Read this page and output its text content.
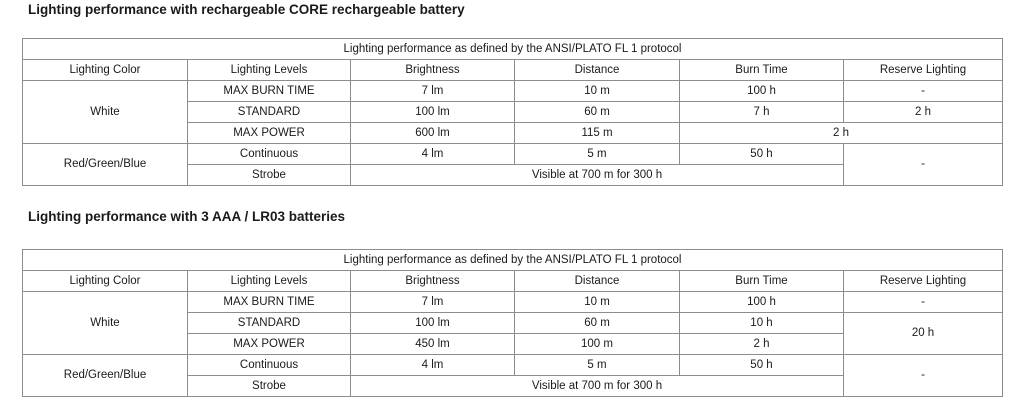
Lighting performance with rechargeable CORE rechargeable battery
Lighting performance as defined by the ANSI/PLATO FL 1 protocol					
Lighting Color	Lighting Levels	Brightness	Distance	Burn Time	Reserve Lighting
White	MAX BURN TIME	7 lm	10 m	100 h	-
	STANDARD	100 lm	60 m	7 h	2 h
	MAX POWER	600 lm	115 m	2 h	
Red/Green/Blue	Continuous	4 lm	5 m	50 h	-
	Strobe	Visible at 700 m for 300 h			
Lighting performance with 3 AAA / LR03 batteries
Lighting performance as defined by the ANSI/PLATO FL 1 protocol					
Lighting Color	Lighting Levels	Brightness	Distance	Burn Time	Reserve Lighting
White	MAX BURN TIME	7 lm	10 m	100 h	-
	STANDARD	100 lm	60 m	10 h	20 h
	MAX POWER	450 lm	100 m	2 h	
Red/Green/Blue	Continuous	4 lm	5 m	50 h	-
	Strobe	Visible at 700 m for 300 h			
